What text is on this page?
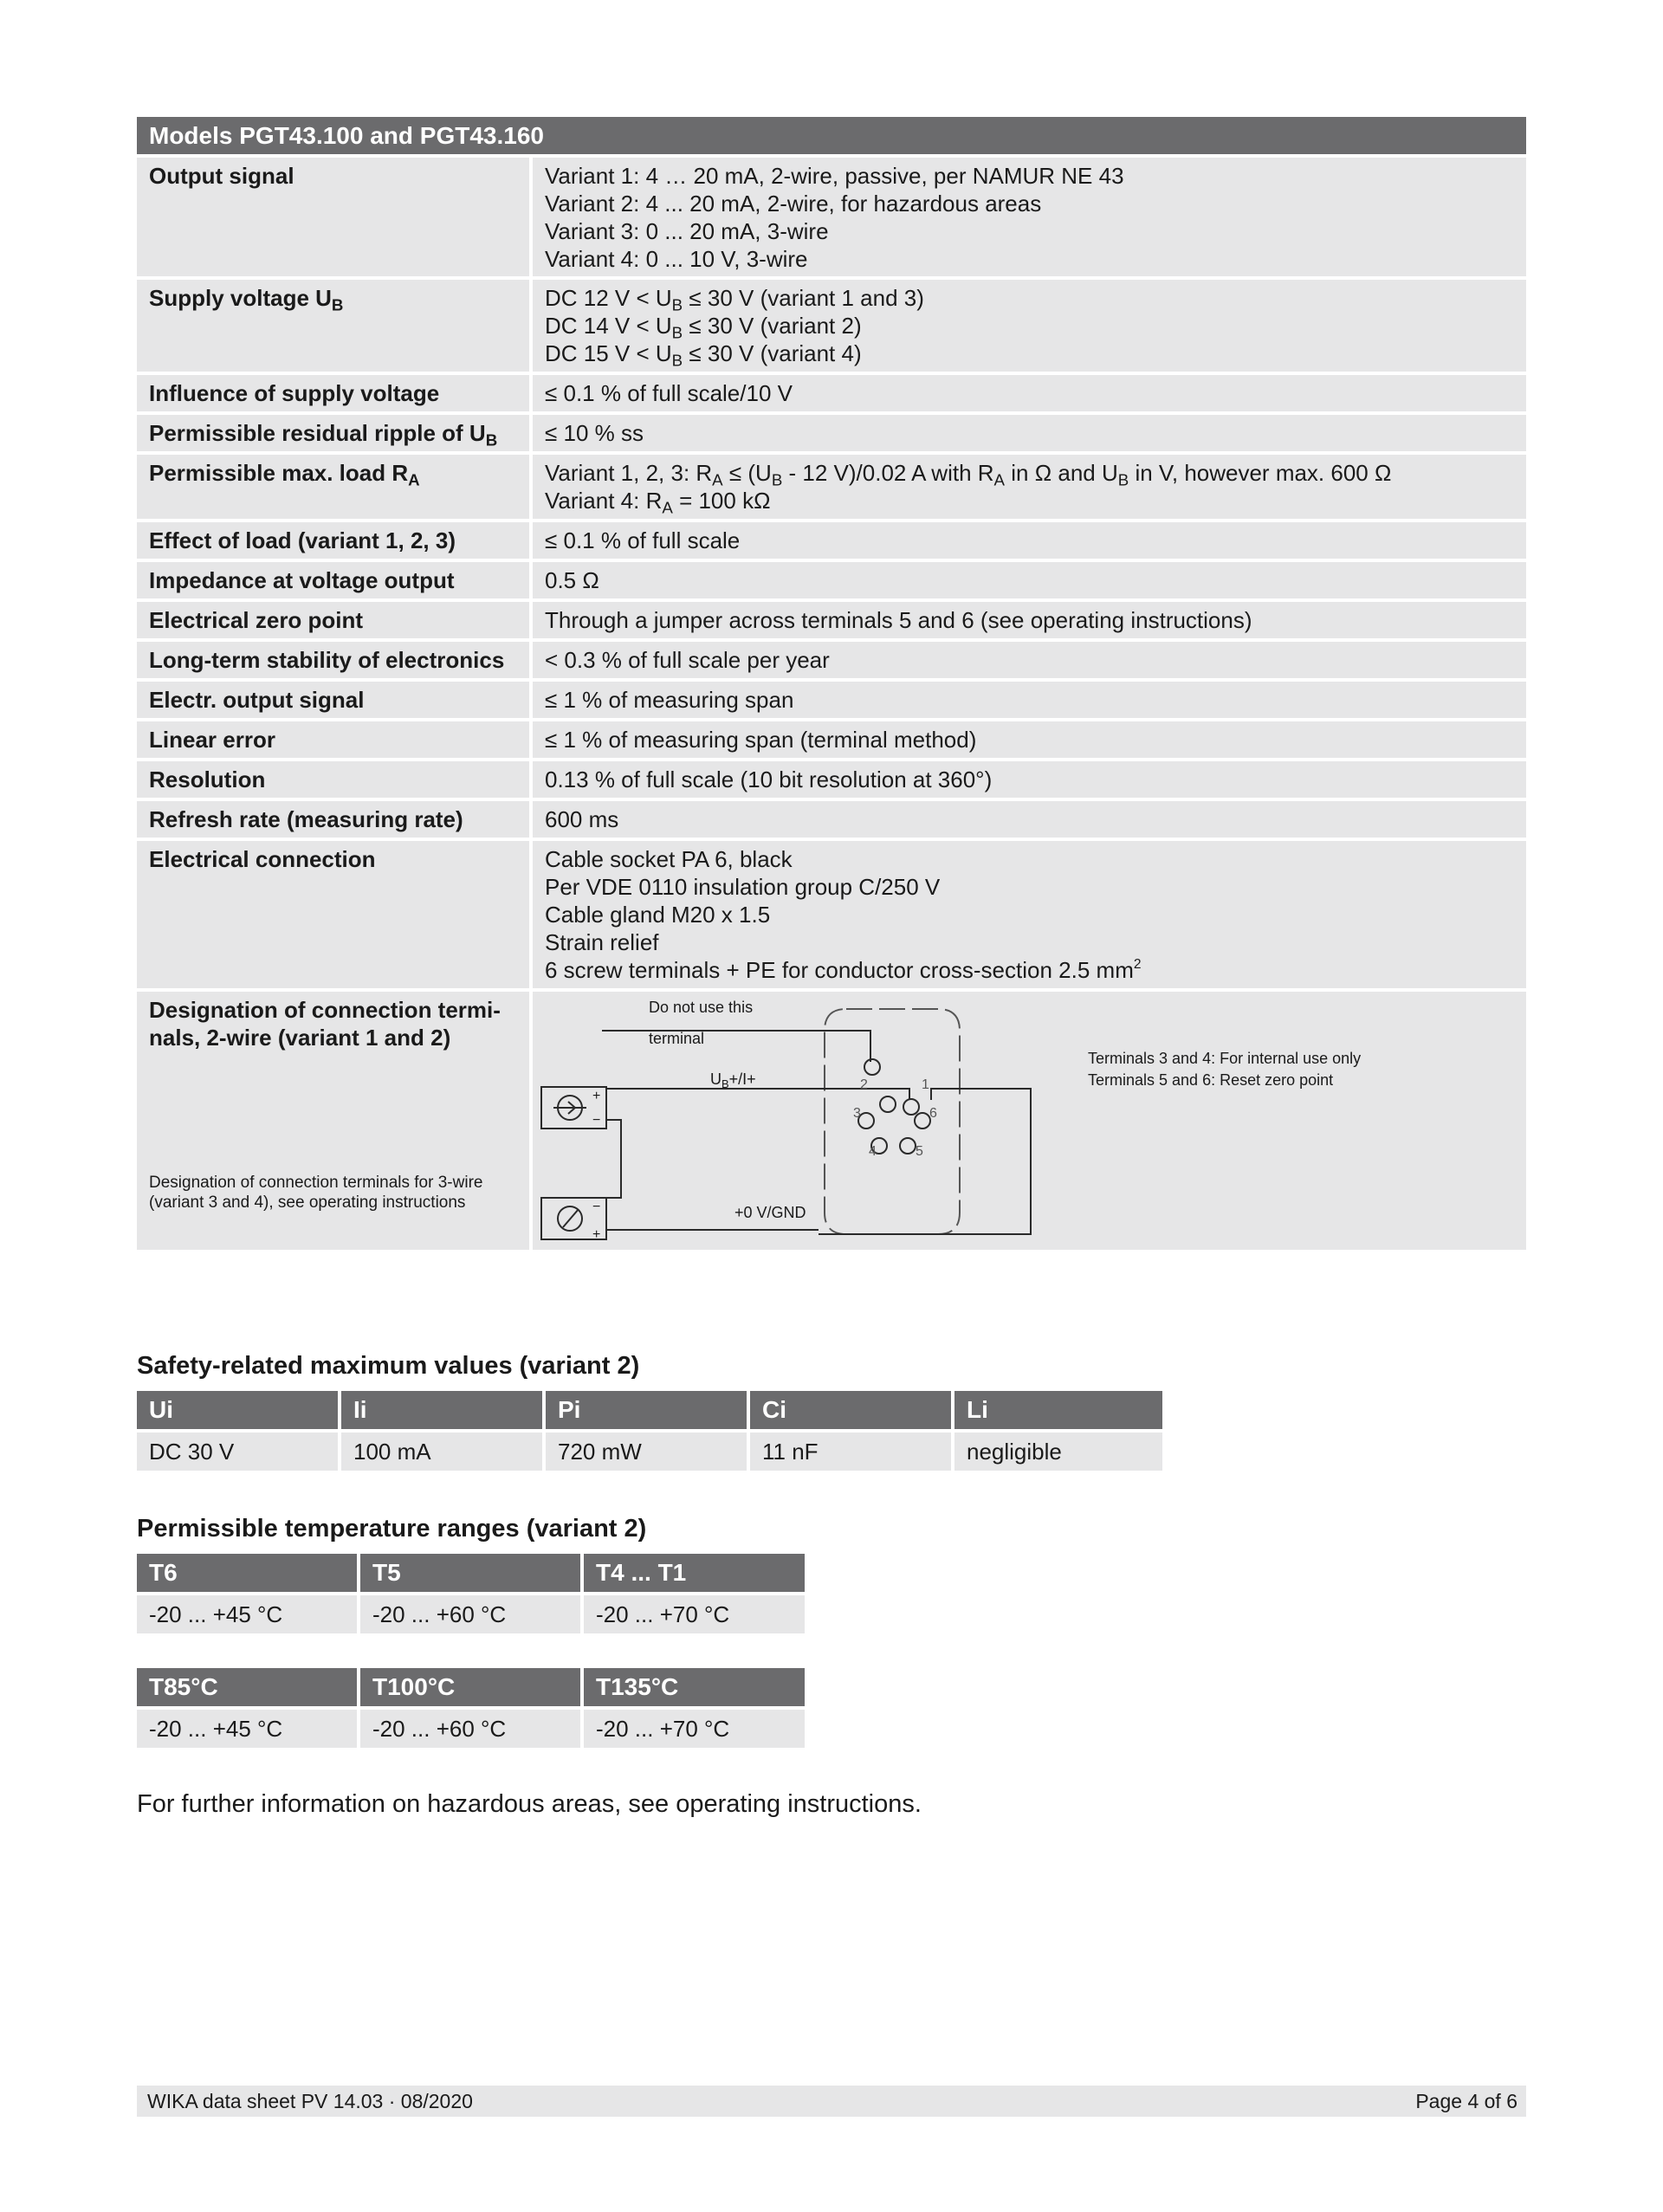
Models PGT43.100 and PGT43.160
Output signal	Variant 1: 4 … 20 mA, 2-wire, passive, per NAMUR NE 43
Variant 2: 4 ... 20 mA, 2-wire, for hazardous areas
Variant 3: 0 ... 20 mA, 3-wire
Variant 4: 0 ... 10 V, 3-wire
Supply voltage $U_B$	DC 12 $V < U_B \le 30$ V (variant 1 and 3)
DC 14 $V < U_B \le 30$ V (variant 2)
DC 15 $V < U_B \le 30$ V (variant 4)
Influence of supply voltage	≤ 0.1 % of full scale/10 V
Permissible residual ripple of $U_B$	≤ 10 % ss
Permissible max. load $R_A$	Variant 1, 2, 3: $R_A \le (U_B - 12$ V)/0.02 A with $R_A$ in Ω and $U_B$ in V, however max. 600 Ω
Variant 4: $R_A = 100$ kΩ
Effect of load (variant 1, 2, 3)	≤ 0.1 % of full scale
Impedance at voltage output	0.5 Ω
Electrical zero point	Through a jumper across terminals 5 and 6 (see operating instructions)
Long-term stability of electronics	< 0.3 % of full scale per year
Electr. output signal	≤ 1 % of measuring span
Linear error	≤ 1 % of measuring span (terminal method)
Resolution	0.13 % of full scale (10 bit resolution at 360°)
Refresh rate (measuring rate)	600 ms
Electrical connection	Cable socket PA 6, black
Per VDE 0110 insulation group C/250 V
Cable gland M20 x 1.5
Strain relief
6 screw terminals + PE for conductor cross-section 2.5 $mm^2$
Designation of connection termi-
nals, 2-wire (variant 1 and 2)
Designation of connection terminals for 3-wire (variant 3 and 4), see operating instructions
Do not use this
terminal
$U_B+/I+$
+0 V/GND
Terminals 3 and 4: For internal use only
Terminals 5 and 6: Reset zero point
2	1
3	6
4	5
+
−
−
+
Safety-related maximum values (variant 2)
Ui	Ii	Pi	Ci	Li
DC 30 V	100 mA	720 mW	11 nF	negligible
Permissible temperature ranges (variant 2)
T6	T5	T4 ... T1
-20 ... +45 °C	-20 ... +60 °C	-20 ... +70 °C
T85°C	T100°C	T135°C
-20 ... +45 °C	-20 ... +60 °C	-20 ... +70 °C
For further information on hazardous areas, see operating instructions.
WIKA data sheet PV 14.03 · 08/2020	Page 4 of 6
